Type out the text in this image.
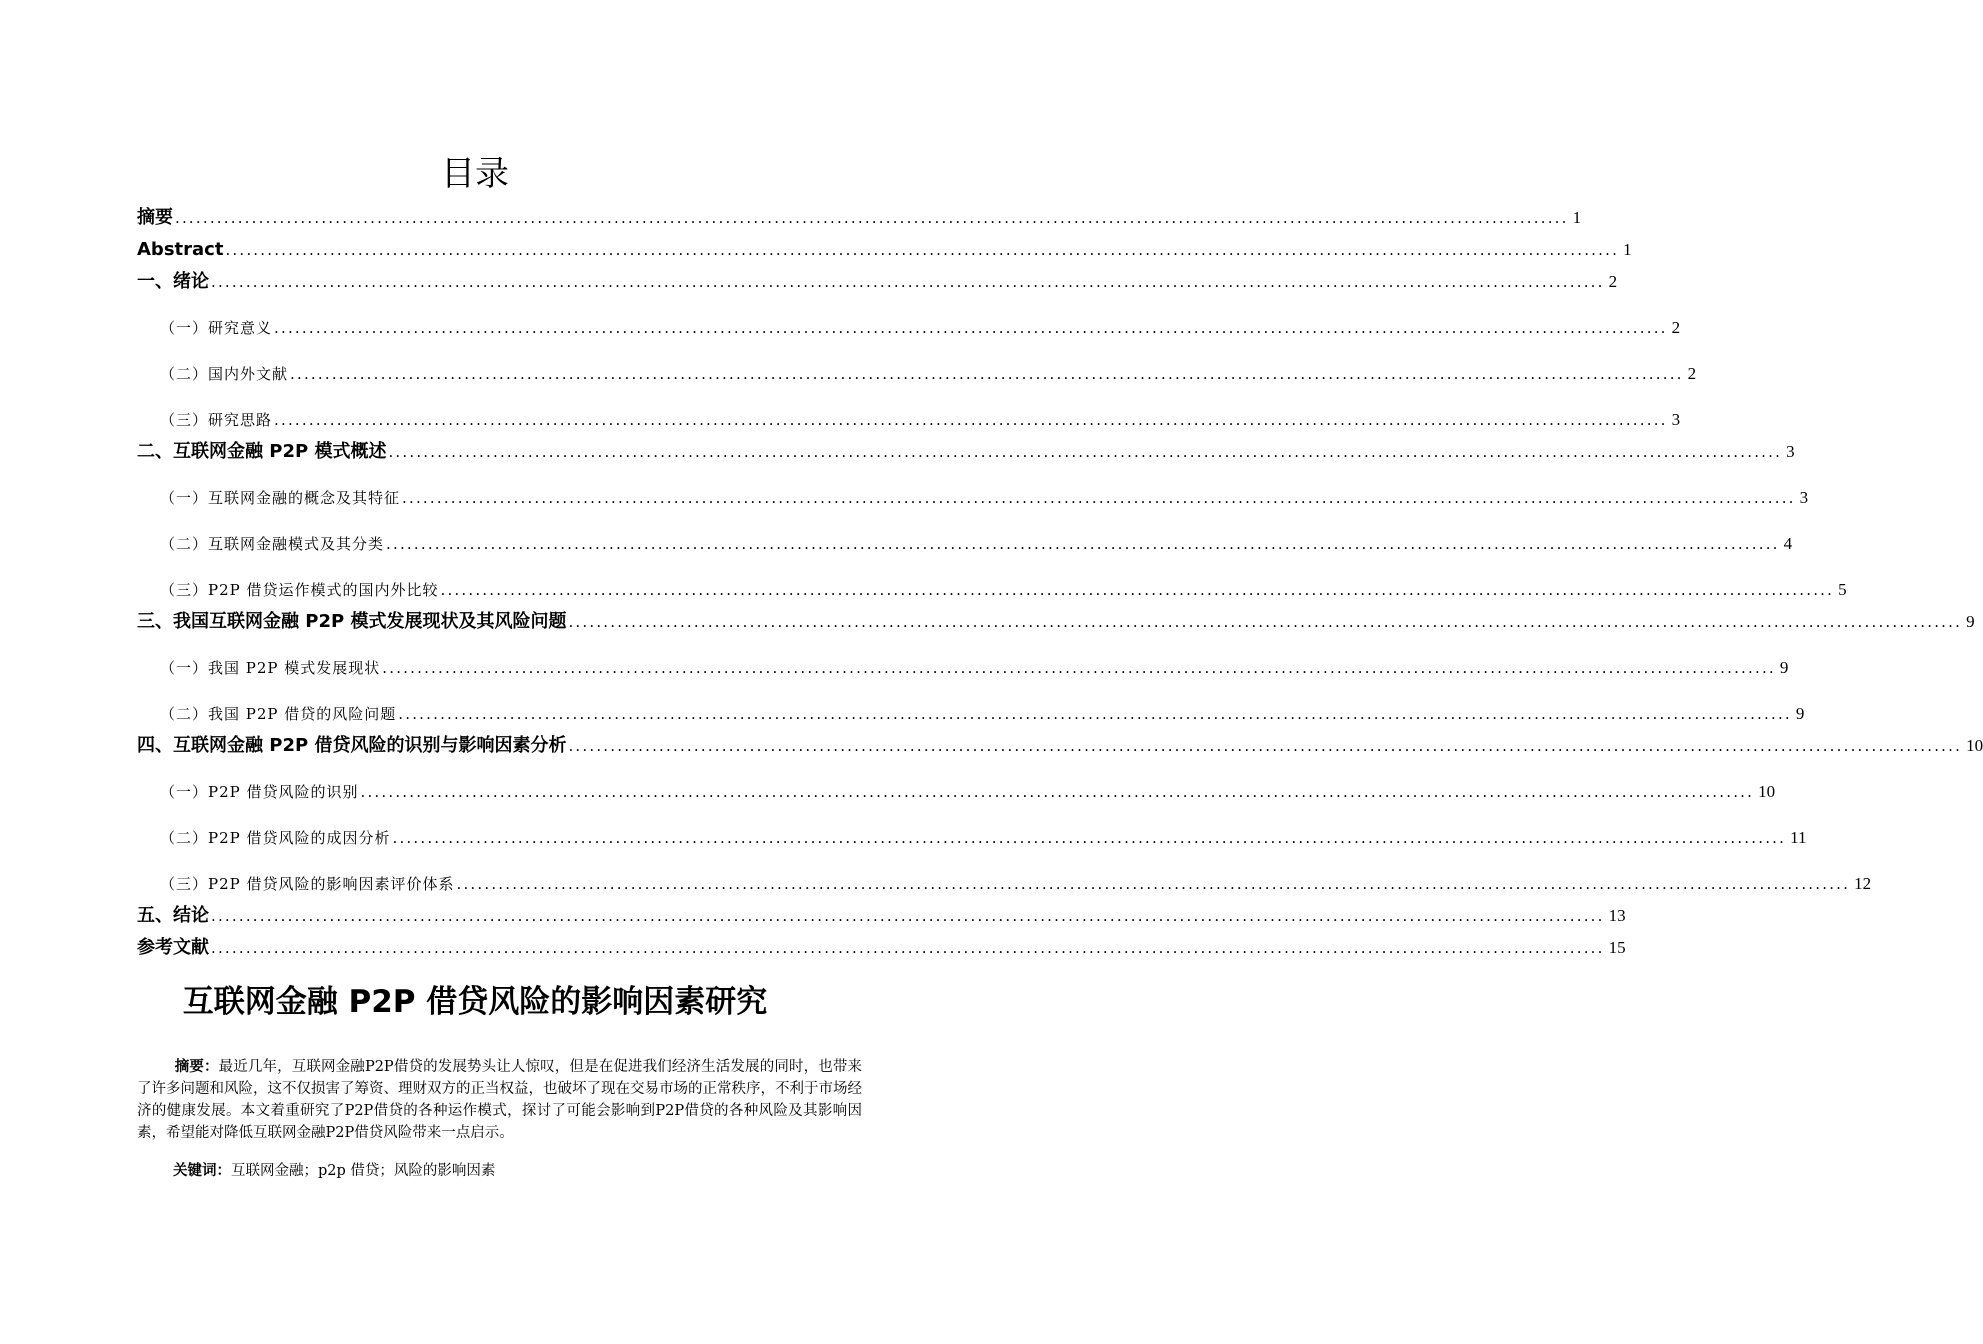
目录
摘要 ........................................................................................................................................................................................................ 1
Abstract ........................................................................................................................................................................................................ 1
一、绪论 ........................................................................................................................................................................................................ 2
（一）研究意义 ........................................................................................................................................................................................................ 2
（二）国内外文献 ........................................................................................................................................................................................................ 2
（三）研究思路 ........................................................................................................................................................................................................ 3
二、互联网金融 P2P 模式概述 ........................................................................................................................................................................................................ 3
（一）互联网金融的概念及其特征 ........................................................................................................................................................................................................ 3
（二）互联网金融模式及其分类 ........................................................................................................................................................................................................ 4
（三）P2P 借贷运作模式的国内外比较 ........................................................................................................................................................................................................ 5
三、我国互联网金融 P2P 模式发展现状及其风险问题 ........................................................................................................................................................................................................ 9
（一）我国 P2P 模式发展现状 ........................................................................................................................................................................................................ 9
（二）我国 P2P 借贷的风险问题 ........................................................................................................................................................................................................ 9
四、互联网金融 P2P 借贷风险的识别与影响因素分析 ........................................................................................................................................................................................................ 10
（一）P2P 借贷风险的识别 ........................................................................................................................................................................................................ 10
（二）P2P 借贷风险的成因分析 ........................................................................................................................................................................................................ 11
（三）P2P 借贷风险的影响因素评价体系 ........................................................................................................................................................................................................ 12
五、结论 ........................................................................................................................................................................................................ 13
参考文献 ........................................................................................................................................................................................................ 15
互联网金融 P2P 借贷风险的影响因素研究

摘要：最近几年，互联网金融P2P借贷的发展势头让人惊叹，但是在促进我们经济生活发展的同时，也带来了许多问题和风险，这不仅损害了筹资、理财双方的正当权益，也破坏了现在交易市场的正常秩序，不利于市场经济的健康发展。本文着重研究了P2P借贷的各种运作模式，探讨了可能会影响到P2P借贷的各种风险及其影响因素，希望能对降低互联网金融P2P借贷风险带来一点启示。

关键词：互联网金融；p2p 借贷；风险的影响因素
